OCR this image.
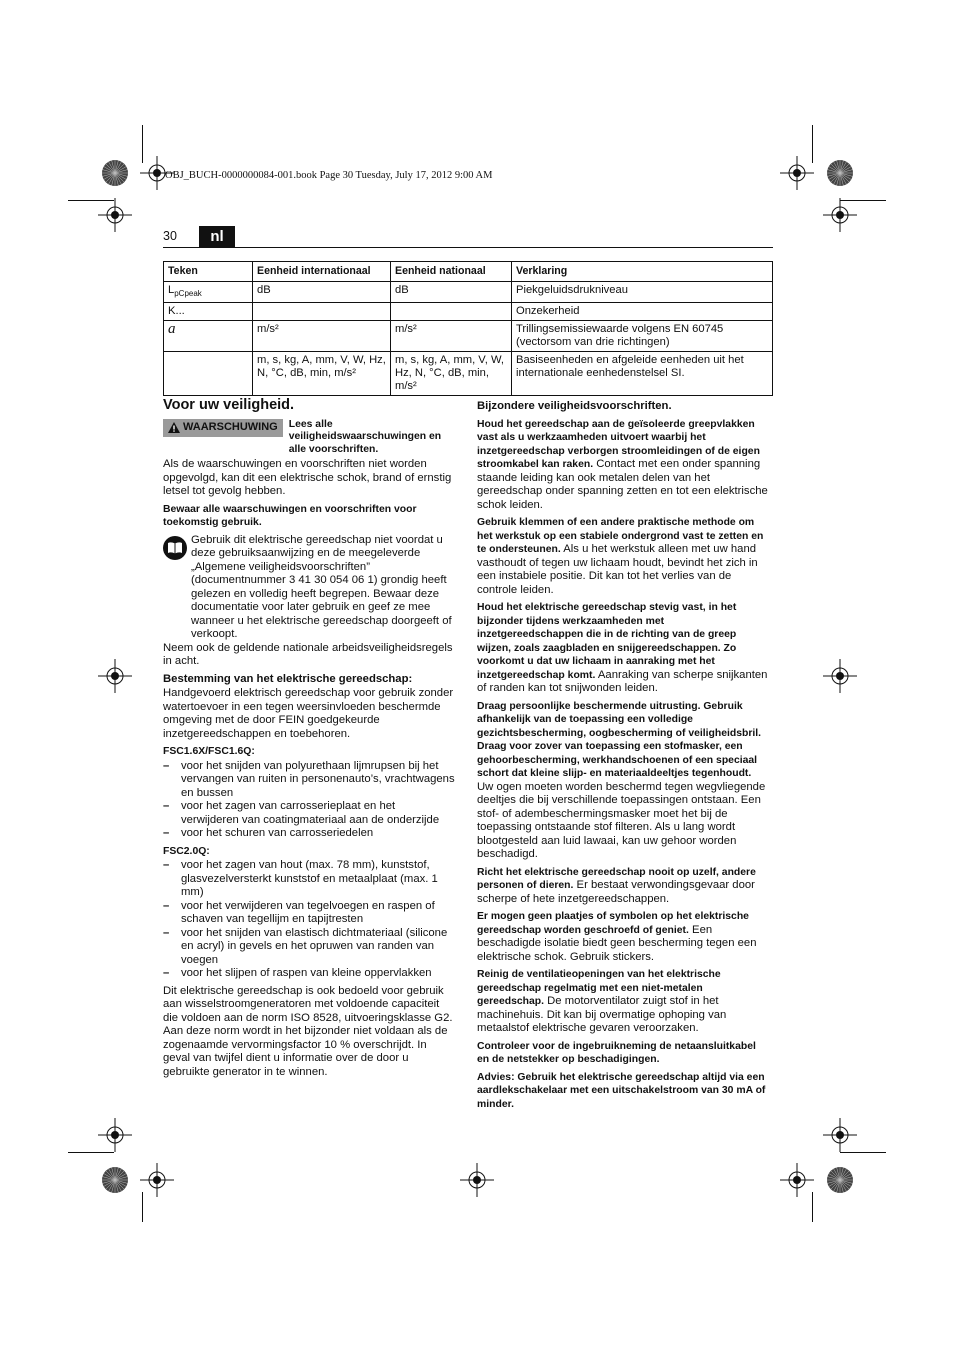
OBJ_BUCH-0000000084-001.book Page 30 Tuesday, July 17, 2012 9:00 AM
30	nl
Teken	Eenheid internationaal	Eenheid nationaal	Verklaring
$L_{pCpeak}$	dB	dB	Piekgeluidsdrukniveau
K...			Onzekerheid
a	m/s²	m/s²	Trillingsemissiewaarde volgens EN 60745 (vectorsom van drie richtingen)
	m, s, kg, A, mm, V, W, Hz, N, °C, dB, min, m/s²	m, s, kg, A, mm, V, W, Hz, N, °C, dB, min, m/s²	Basiseenheden en afgeleide eenheden uit het internationale eenhedenstelsel SI.
Voor uw veiligheid.
WAARSCHUWING Lees alle veiligheidswaarschuwingen en alle voorschriften.

Als de waarschuwingen en voorschriften niet worden opgevolgd, kan dit een elektrische schok, brand of ernstig letsel tot gevolg hebben.

Bewaar alle waarschuwingen en voorschriften voor toekomstig gebruik.

Gebruik dit elektrische gereedschap niet voordat u deze gebruiksaanwijzing en de meegeleverde „Algemene veiligheidsvoorschriften” (documentnummer 3 41 30 054 06 1) grondig heeft gelezen en volledig heeft begrepen. Bewaar deze documentatie voor later gebruik en geef ze mee wanneer u het elektrische gereedschap doorgeeft of verkoopt.

Neem ook de geldende nationale arbeidsveiligheidsregels in acht.

Bestemming van het elektrische gereedschap:

Handgevoerd elektrisch gereedschap voor gebruik zonder watertoevoer in een tegen weersinvloeden beschermde omgeving met de door FEIN goedgekeurde inzetgereedschappen en toebehoren.

FSC1.6X/FSC1.6Q:
– voor het snijden van polyurethaan lijmrupsen bij het vervangen van ruiten in personenauto’s, vrachtwagens en bussen
– voor het zagen van carrosserieplaat en het verwijderen van coatingmateriaal aan de onderzijde
– voor het schuren van carrosseriedelen
FSC2.0Q:
– voor het zagen van hout (max. 78 mm), kunststof, glasvezelversterkt kunststof en metaalplaat (max. 1 mm)
– voor het verwijderen van tegelvoegen en raspen of schaven van tegellijm en tapijtresten
– voor het snijden van elastisch dichtmateriaal (silicone en acryl) in gevels en het opruwen van randen van voegen
– voor het slijpen of raspen van kleine oppervlakken

Dit elektrische gereedschap is ook bedoeld voor gebruik aan wisselstroomgeneratoren met voldoende capaciteit die voldoen aan de norm ISO 8528, uitvoeringsklasse G2. Aan deze norm wordt in het bijzonder niet voldaan als de zogenaamde vervormingsfactor 10 % overschrijdt. In geval van twijfel dient u informatie over de door u gebruikte generator in te winnen.

Bijzondere veiligheidsvoorschriften.

Houd het gereedschap aan de geïsoleerde greepvlakken vast als u werkzaamheden uitvoert waarbij het inzetgereedschap verborgen stroomleidingen of de eigen stroomkabel kan raken. Contact met een onder spanning staande leiding kan ook metalen delen van het gereedschap onder spanning zetten en tot een elektrische schok leiden.

Gebruik klemmen of een andere praktische methode om het werkstuk op een stabiele ondergrond vast te zetten en te ondersteunen. Als u het werkstuk alleen met uw hand vasthoudt of tegen uw lichaam houdt, bevindt het zich in een instabiele positie. Dit kan tot het verlies van de controle leiden.

Houd het elektrische gereedschap stevig vast, in het bijzonder tijdens werkzaamheden met inzetgereedschappen die in de richting van de greep wijzen, zoals zaagbladen en snijgereedschappen. Zo voorkomt u dat uw lichaam in aanraking met het inzetgereedschap komt. Aanraking van scherpe snijkanten of randen kan tot snijwonden leiden.

Draag persoonlijke beschermende uitrusting. Gebruik afhankelijk van de toepassing een volledige gezichtsbescherming, oogbescherming of veiligheidsbril. Draag voor zover van toepassing een stofmasker, een gehoorbescherming, werkhandschoenen of een speciaal schort dat kleine slijp- en materiaaldeeltjes tegenhoudt. Uw ogen moeten worden beschermd tegen wegvliegende deeltjes die bij verschillende toepassingen ontstaan. Een stof- of adembeschermingsmasker moet het bij de toepassing ontstaande stof filteren. Als u lang wordt blootgesteld aan luid lawaai, kan uw gehoor worden beschadigd.

Richt het elektrische gereedschap nooit op uzelf, andere personen of dieren. Er bestaat verwondingsgevaar door scherpe of hete inzetgereedschappen.

Er mogen geen plaatjes of symbolen op het elektrische gereedschap worden geschroefd of geniet. Een beschadigde isolatie biedt geen bescherming tegen een elektrische schok. Gebruik stickers.

Reinig de ventilatieopeningen van het elektrische gereedschap regelmatig met een niet-metalen gereedschap. De motorventilator zuigt stof in het machinehuis. Dit kan bij overmatige ophoping van metaalstof elektrische gevaren veroorzaken.

Controleer voor de ingebruikneming de netaansluitkabel en de netstekker op beschadigingen.

Advies: Gebruik het elektrische gereedschap altijd via een aardlekschakelaar met een uitschakelstroom van 30 mA of minder.
